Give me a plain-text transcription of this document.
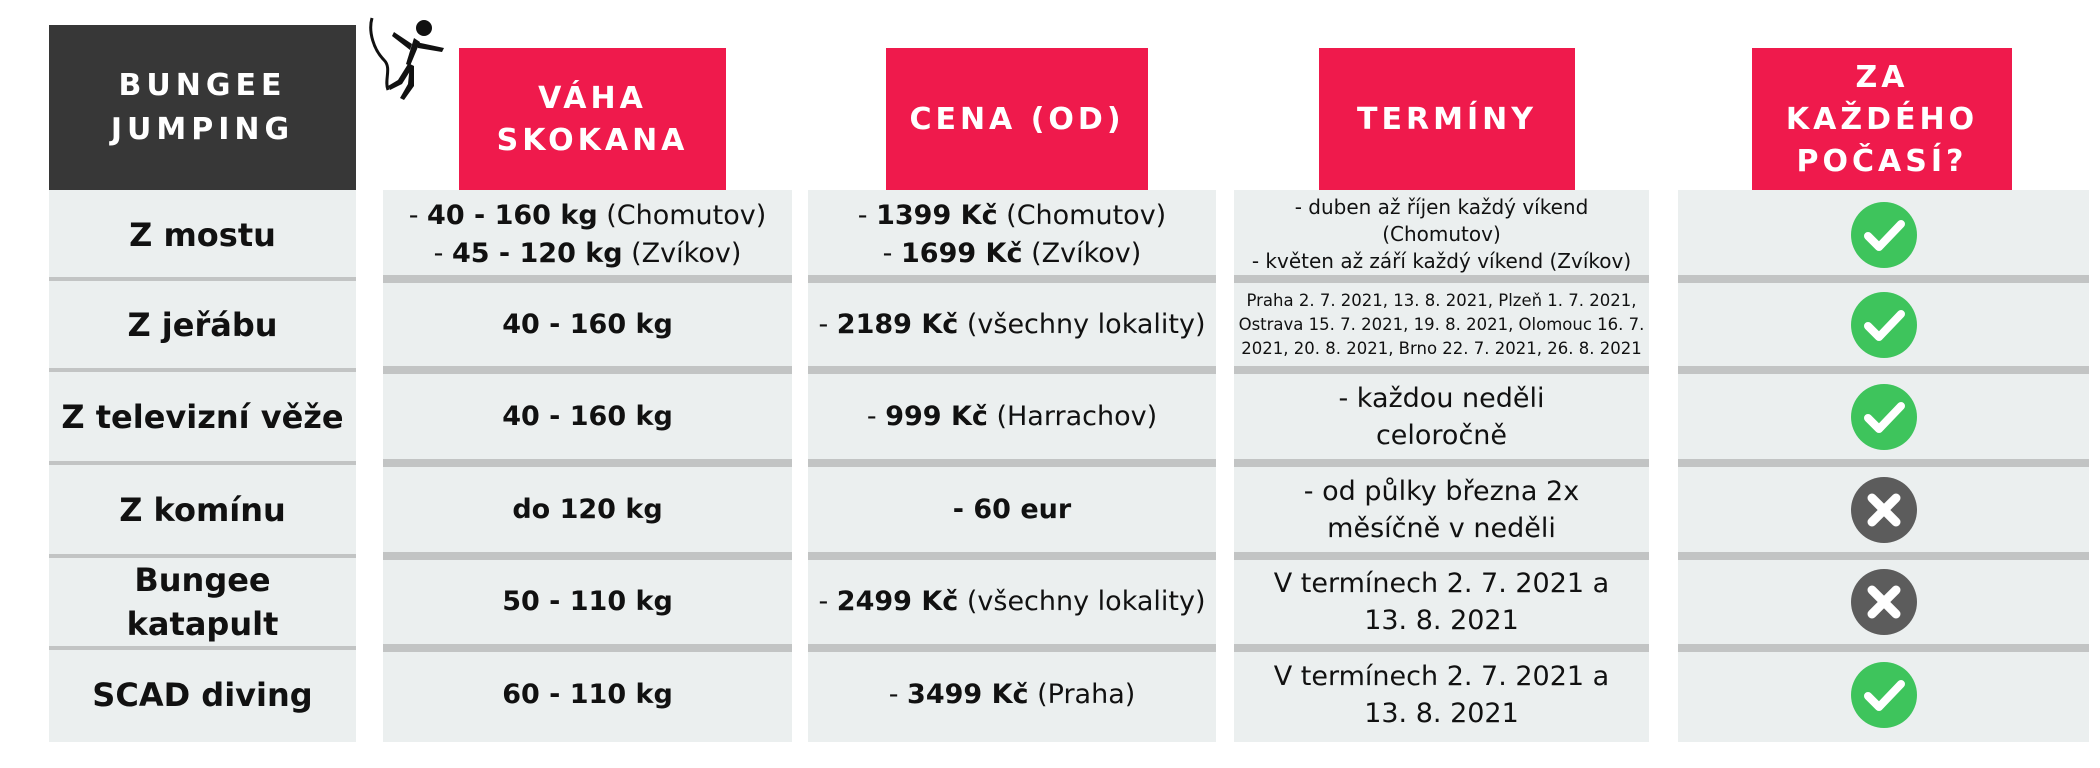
BUNGEE
JUMPING
VÁHA
SKOKANA
CENA (OD)	TERMÍNY
ZA KAŽDÉHO
POČASÍ?
Z mostu
Z jeřábu
Z televizní věže
Z komínu
Bungee
katapult
SCAD diving
- 40 - 160 kg (Chomutov)
- 45 - 120 kg (Zvíkov)
40 - 160 kg
40 - 160 kg
do 120 kg
50 - 110 kg
60 - 110 kg
- 1399 Kč (Chomutov)
- 1699 Kč (Zvíkov)
- 2189 Kč (všechny lokality)
- 999 Kč (Harrachov)
- 60 eur
- 2499 Kč (všechny lokality)
- 3499 Kč (Praha)
- duben až říjen každý víkend
(Chomutov)
- květen až září každý víkend (Zvíkov)
Praha 2. 7. 2021, 13. 8. 2021, Plzeň 1. 7. 2021,
Ostrava 15. 7. 2021, 19. 8. 2021, Olomouc 16. 7.
2021, 20. 8. 2021, Brno 22. 7. 2021, 26. 8. 2021
- každou neděli
celoročně
- od půlky března 2x
měsíčně v neděli
V termínech 2. 7. 2021 a
13. 8. 2021
V termínech 2. 7. 2021 a
13. 8. 2021
